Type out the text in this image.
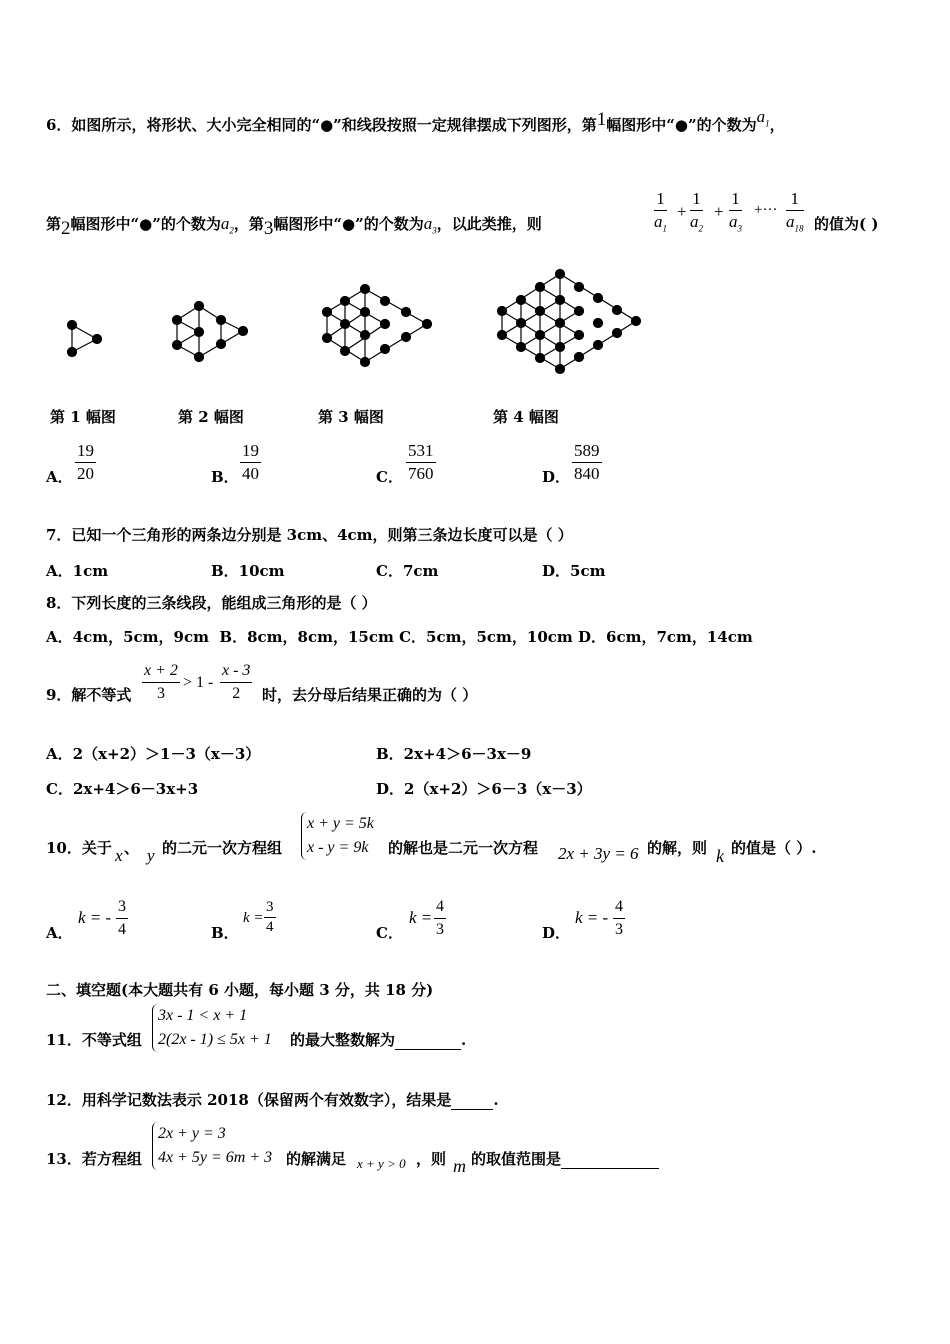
6．如图所示，将形状、大小完全相同的“●”和线段按照一定规律摆成下列图形，第1幅图形中“●”的个数为$a_1$，
第2幅图形中“●”的个数为$a_2$，第3幅图形中“●”的个数为$a_3$，以此类推，则	$\frac{1}{a_1} + \frac{1}{a_2} + \frac{1}{a_3}$ +··· $\frac{1}{a_{18}}$ 的值为( )
第 1 幅图	第 2 幅图	第 3 幅图	第 4 幅图
A． $\frac{19}{20}$	B． $\frac{19}{40}$	C． $\frac{531}{760}$	D． $\frac{589}{840}$
7．已知一个三角形的两条边分别是 3cm、4cm，则第三条边长度可以是（ ）
A．1cm	B．10cm	C．7cm	D．5cm
8．下列长度的三条线段，能组成三角形的是（ ）
A．4cm，5cm，9cm  B．8cm，8cm，15cm C．5cm，5cm，10cm D．6cm，7cm，14cm
9．解不等式 $\frac{x + 2}{3} > 1 - \frac{x - 3}{2}$ 时，去分母后结果正确的为（ ）
A．2（x+2）＞1－3（x－3）	B．2x+4＞6－3x－9
C．2x+4＞6－3x+3	D．2（x+2）＞6－3（x－3）
10．关于 x 、 y 的二元一次方程组
x + y = 5k
x - y = 9k	的解也是二元一次方程 2x + 3y = 6 的解，则 k 的值是（ ）.
A．
k = - $\frac{3}{4}$	B．
$k = \frac{3}{4}$	C．
$k = \frac{4}{3}$	D．
k = - $\frac{4}{3}$
二、填空题(本大题共有 6 小题，每小题 3 分，共 18 分)
11．不等式组
3x - 1 < x + 1
2(2x - 1) ≤ 5x + 1 的最大整数解为	.
12．用科学记数法表示 2018（保留两个有效数字），结果是	.
13．若方程组
2x + y = 3
4x + 5y = 6m + 3 的解满足 x + y > 0 ，则 m 的取值范围是
